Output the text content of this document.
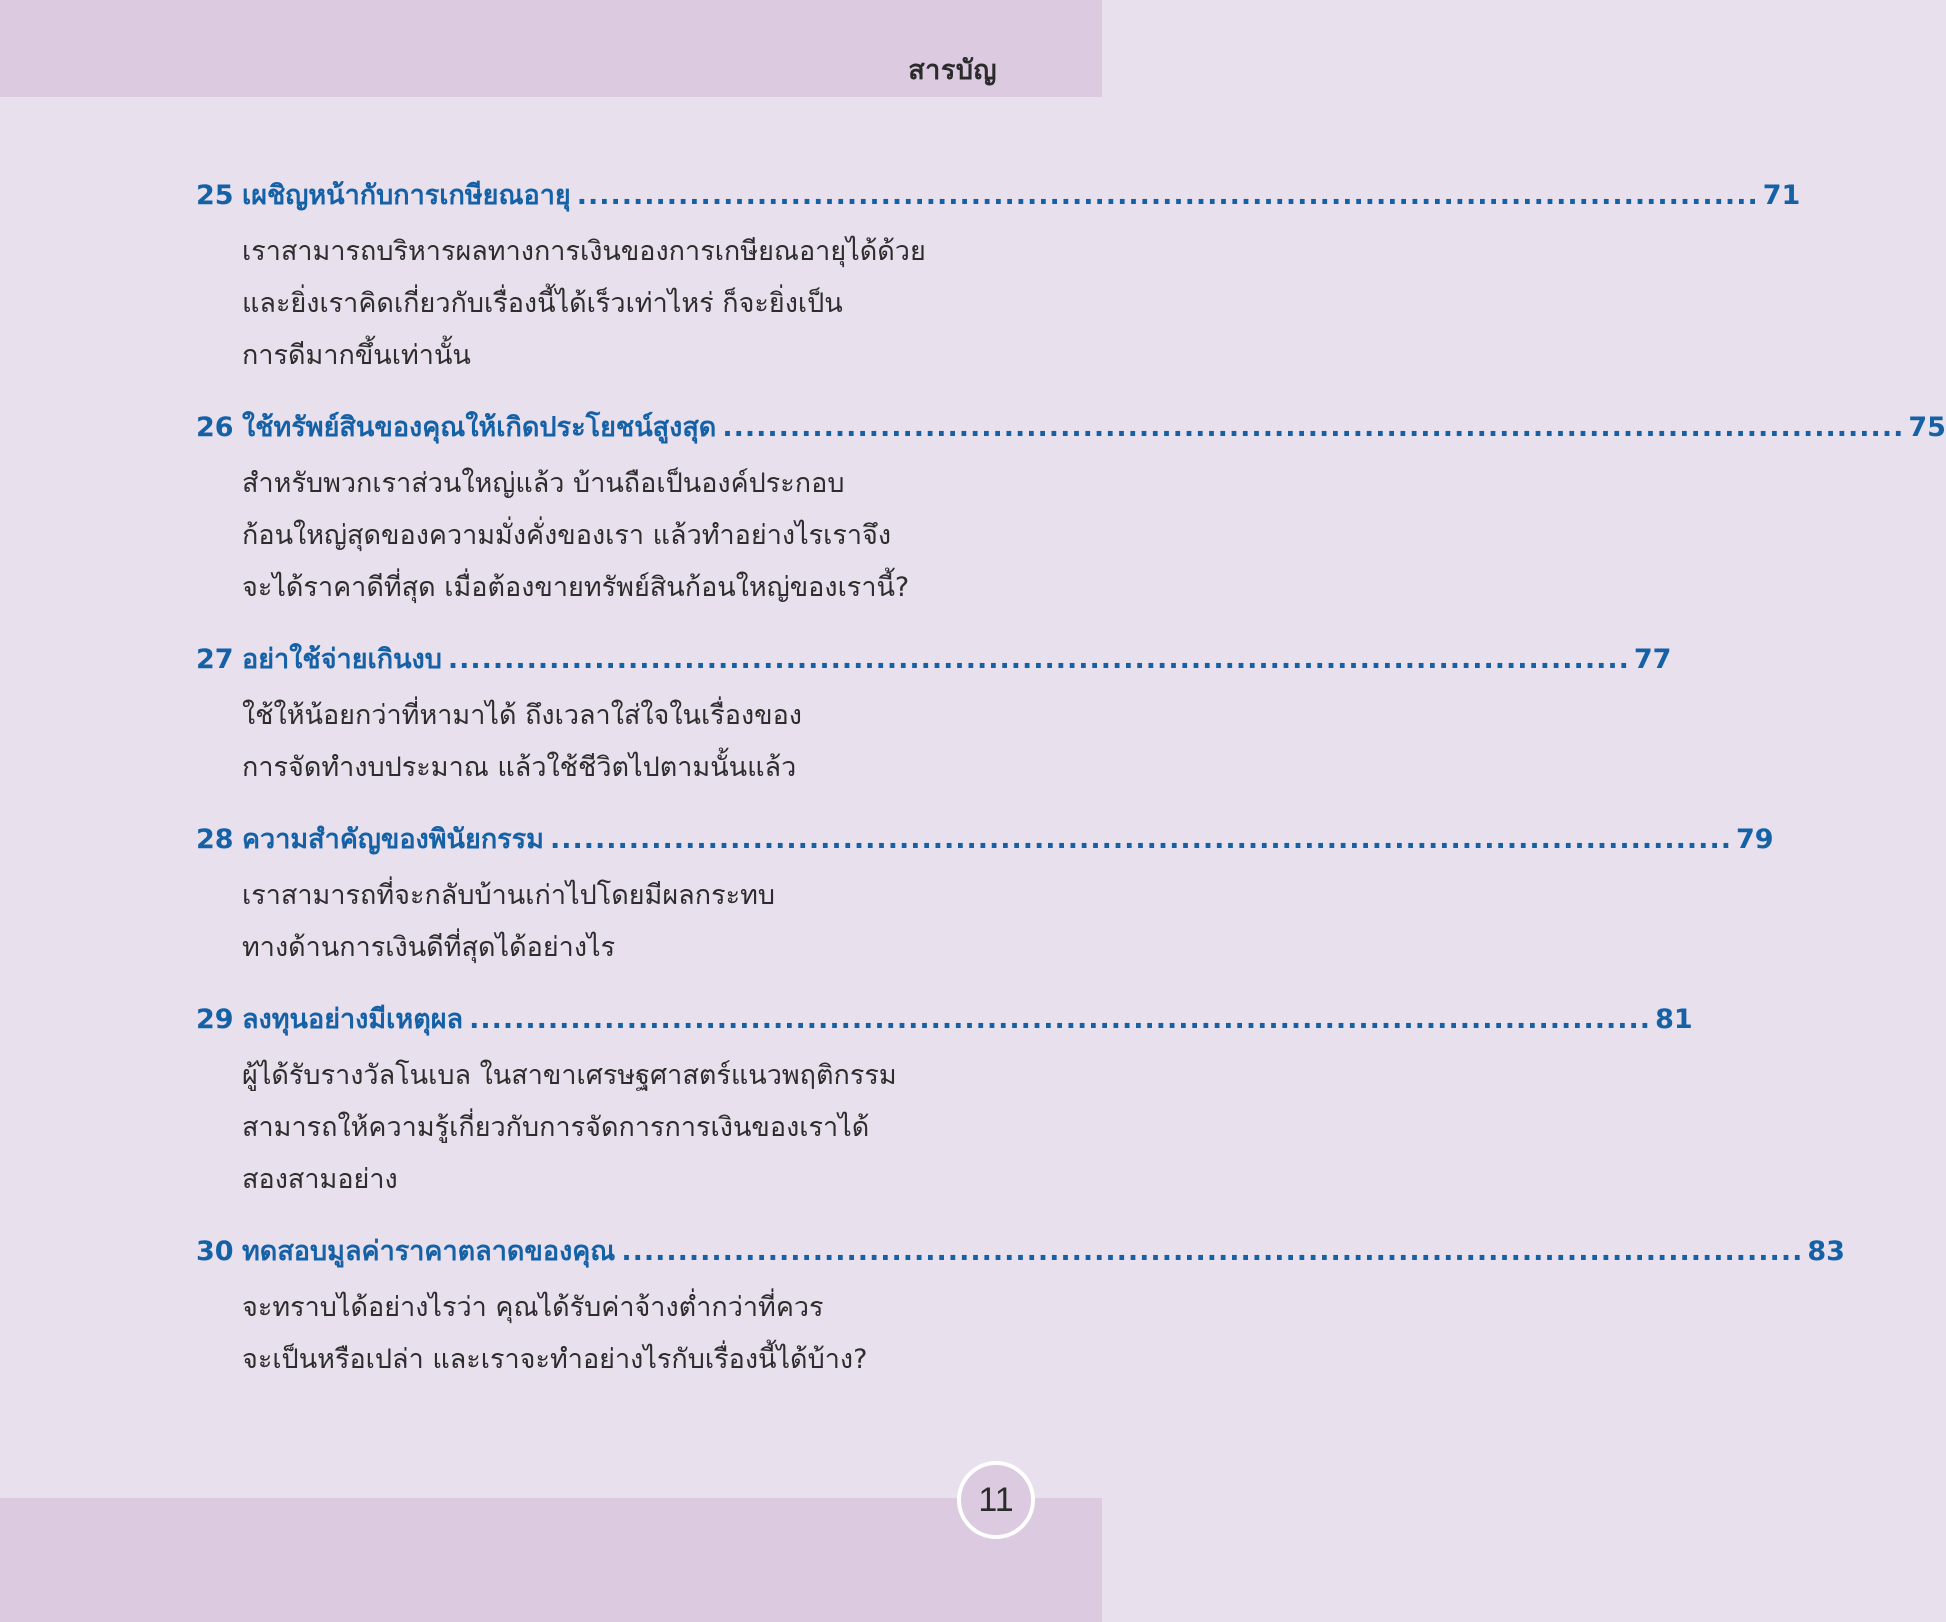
สารบัญ
25 เผชิญหน้ากับการเกษียณอายุ ......................................................................................................... 71
เราสามารถบริหารผลทางการเงินของการเกษียณอายุได้ด้วย
และยิ่งเราคิดเกี่ยวกับเรื่องนี้ได้เร็วเท่าไหร่ ก็จะยิ่งเป็น
การดีมากขึ้นเท่านั้น
26 ใช้ทรัพย์สินของคุณให้เกิดประโยชน์สูงสุด ......................................................................................................... 75
สำหรับพวกเราส่วนใหญ่แล้ว บ้านถือเป็นองค์ประกอบ
ก้อนใหญ่สุดของความมั่งคั่งของเรา แล้วทำอย่างไรเราจึง
จะได้ราคาดีที่สุด เมื่อต้องขายทรัพย์สินก้อนใหญ่ของเรานี้?
27 อย่าใช้จ่ายเกินงบ ......................................................................................................... 77
ใช้ให้น้อยกว่าที่หามาได้ ถึงเวลาใส่ใจในเรื่องของ
การจัดทำงบประมาณ แล้วใช้ชีวิตไปตามนั้นแล้ว
28 ความสำคัญของพินัยกรรม ......................................................................................................... 79
เราสามารถที่จะกลับบ้านเก่าไปโดยมีผลกระทบ
ทางด้านการเงินดีที่สุดได้อย่างไร
29 ลงทุนอย่างมีเหตุผล ......................................................................................................... 81
ผู้ได้รับรางวัลโนเบล ในสาขาเศรษฐศาสตร์แนวพฤติกรรม
สามารถให้ความรู้เกี่ยวกับการจัดการการเงินของเราได้
สองสามอย่าง
30 ทดสอบมูลค่าราคาตลาดของคุณ ......................................................................................................... 83
จะทราบได้อย่างไรว่า คุณได้รับค่าจ้างต่ำกว่าที่ควร
จะเป็นหรือเปล่า และเราจะทำอย่างไรกับเรื่องนี้ได้บ้าง?
11
